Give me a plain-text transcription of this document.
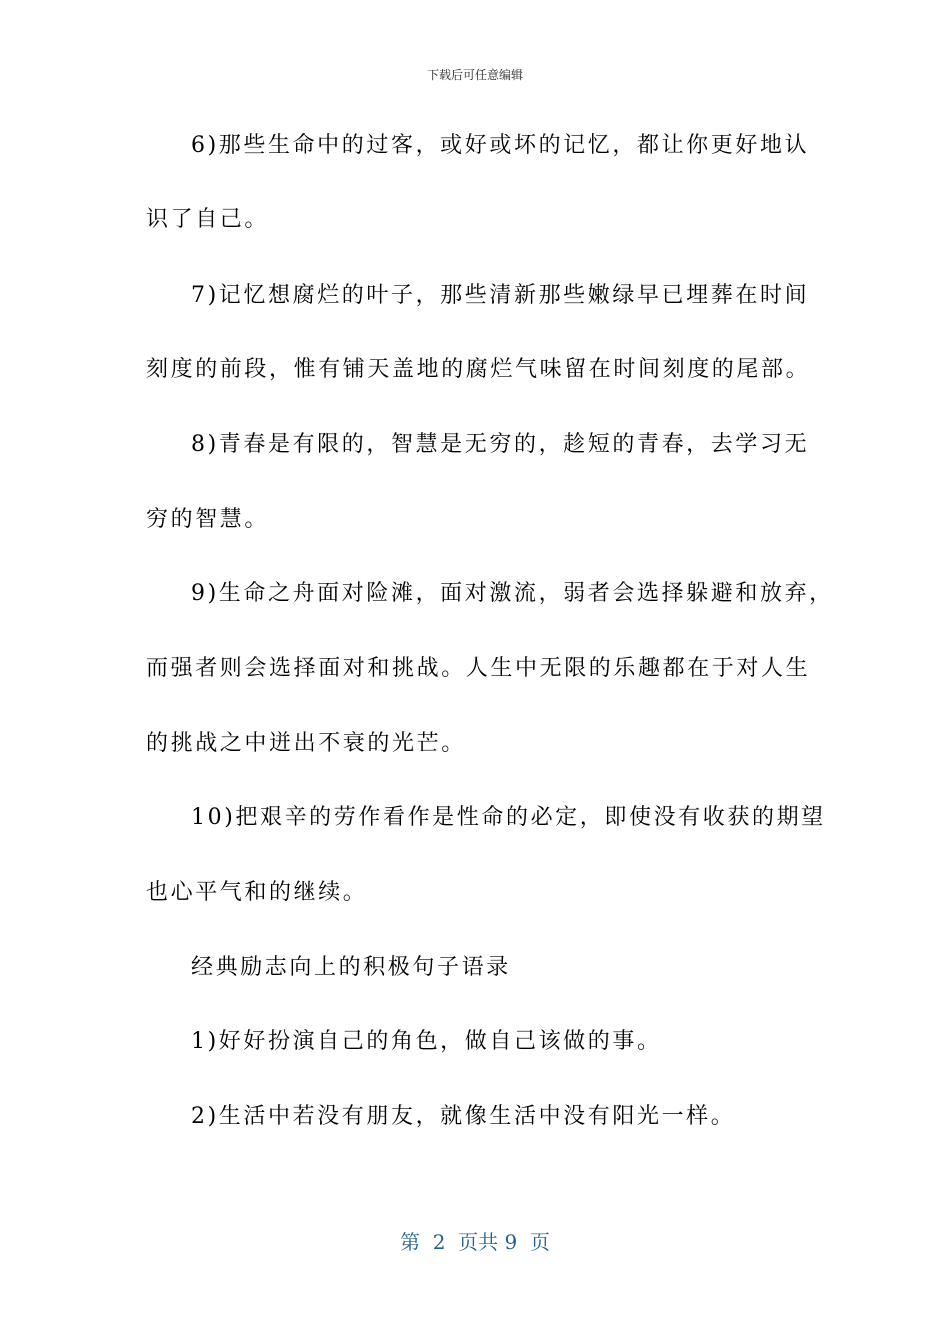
下载后可任意编辑
6)那些生命中的过客，或好或坏的记忆，都让你更好地认
识了自己。
7)记忆想腐烂的叶子，那些清新那些嫩绿早已埋葬在时间
刻度的前段，惟有铺天盖地的腐烂气味留在时间刻度的尾部。
8)青春是有限的，智慧是无穷的，趁短的青春，去学习无
穷的智慧。
9)生命之舟面对险滩，面对激流，弱者会选择躲避和放弃，
而强者则会选择面对和挑战。人生中无限的乐趣都在于对人生
的挑战之中迸出不衰的光芒。
10)把艰辛的劳作看作是性命的必定，即使没有收获的期望
也心平气和的继续。
经典励志向上的积极句子语录
1)好好扮演自己的角色，做自己该做的事。
2)生活中若没有朋友，就像生活中没有阳光一样。
第  2  页共 9  页
